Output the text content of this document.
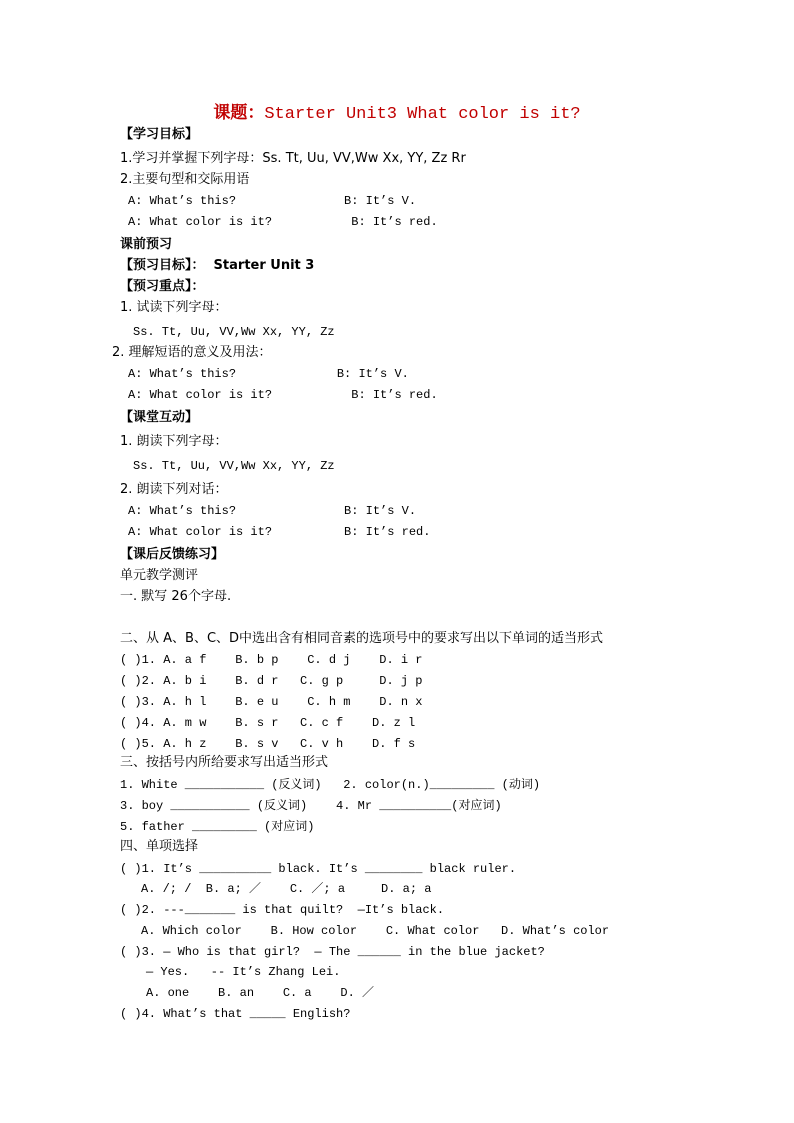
课题：Starter Unit3 What color is it?
【学习目标】
1.学习并掌握下列字母：Ss. Tt, Uu, VV,Ww Xx, YY, Zz Rr
2.主要句型和交际用语
A: What’s this?               B: It’s V.
A: What color is it?           B: It’s red.
课前预习
【预习目标】：  Starter Unit 3
【预习重点】：
1. 试读下列字母：
Ss. Tt, Uu, VV,Ww Xx, YY, Zz
2. 理解短语的意义及用法：
A: What’s this?              B: It’s V.
A: What color is it?           B: It’s red.
【课堂互动】
1. 朗读下列字母：
Ss. Tt, Uu, VV,Ww Xx, YY, Zz
2. 朗读下列对话：
A: What’s this?               B: It’s V.
A: What color is it?          B: It’s red.
【课后反馈练习】
单元教学测评
一. 默写 26个字母.
二、从 A、B、C、D中选出含有相同音素的选项号中的要求写出以下单词的适当形式
( )1. A. a f    B. b p    C. d j    D. i r
( )2. A. b i    B. d r   C. g p     D. j p
( )3. A. h l    B. e u    C. h m    D. n x
( )4. A. m w    B. s r   C. c f    D. z l
( )5. A. h z    B. s v   C. v h    D. f s
三、按括号内所给要求写出适当形式
1. White ___________ (反义词)   2. color(n.)_________ (动词)
3. boy ___________ (反义词)    4. Mr __________(对应词)
5. father _________ (对应词)
四、单项选择
( )1. It’s __________ black. It’s ________ black ruler.
A. /; /  B. a; ／    C. ／; a     D. a; a
( )2. ---_______ is that quilt?  —It’s black.
A. Which color    B. How color    C. What color   D. What’s color
( )3. — Who is that girl?  — The ______ in the blue jacket?
— Yes.   -- It’s Zhang Lei.
A. one    B. an    C. a    D. ／
( )4. What’s that _____ English?
